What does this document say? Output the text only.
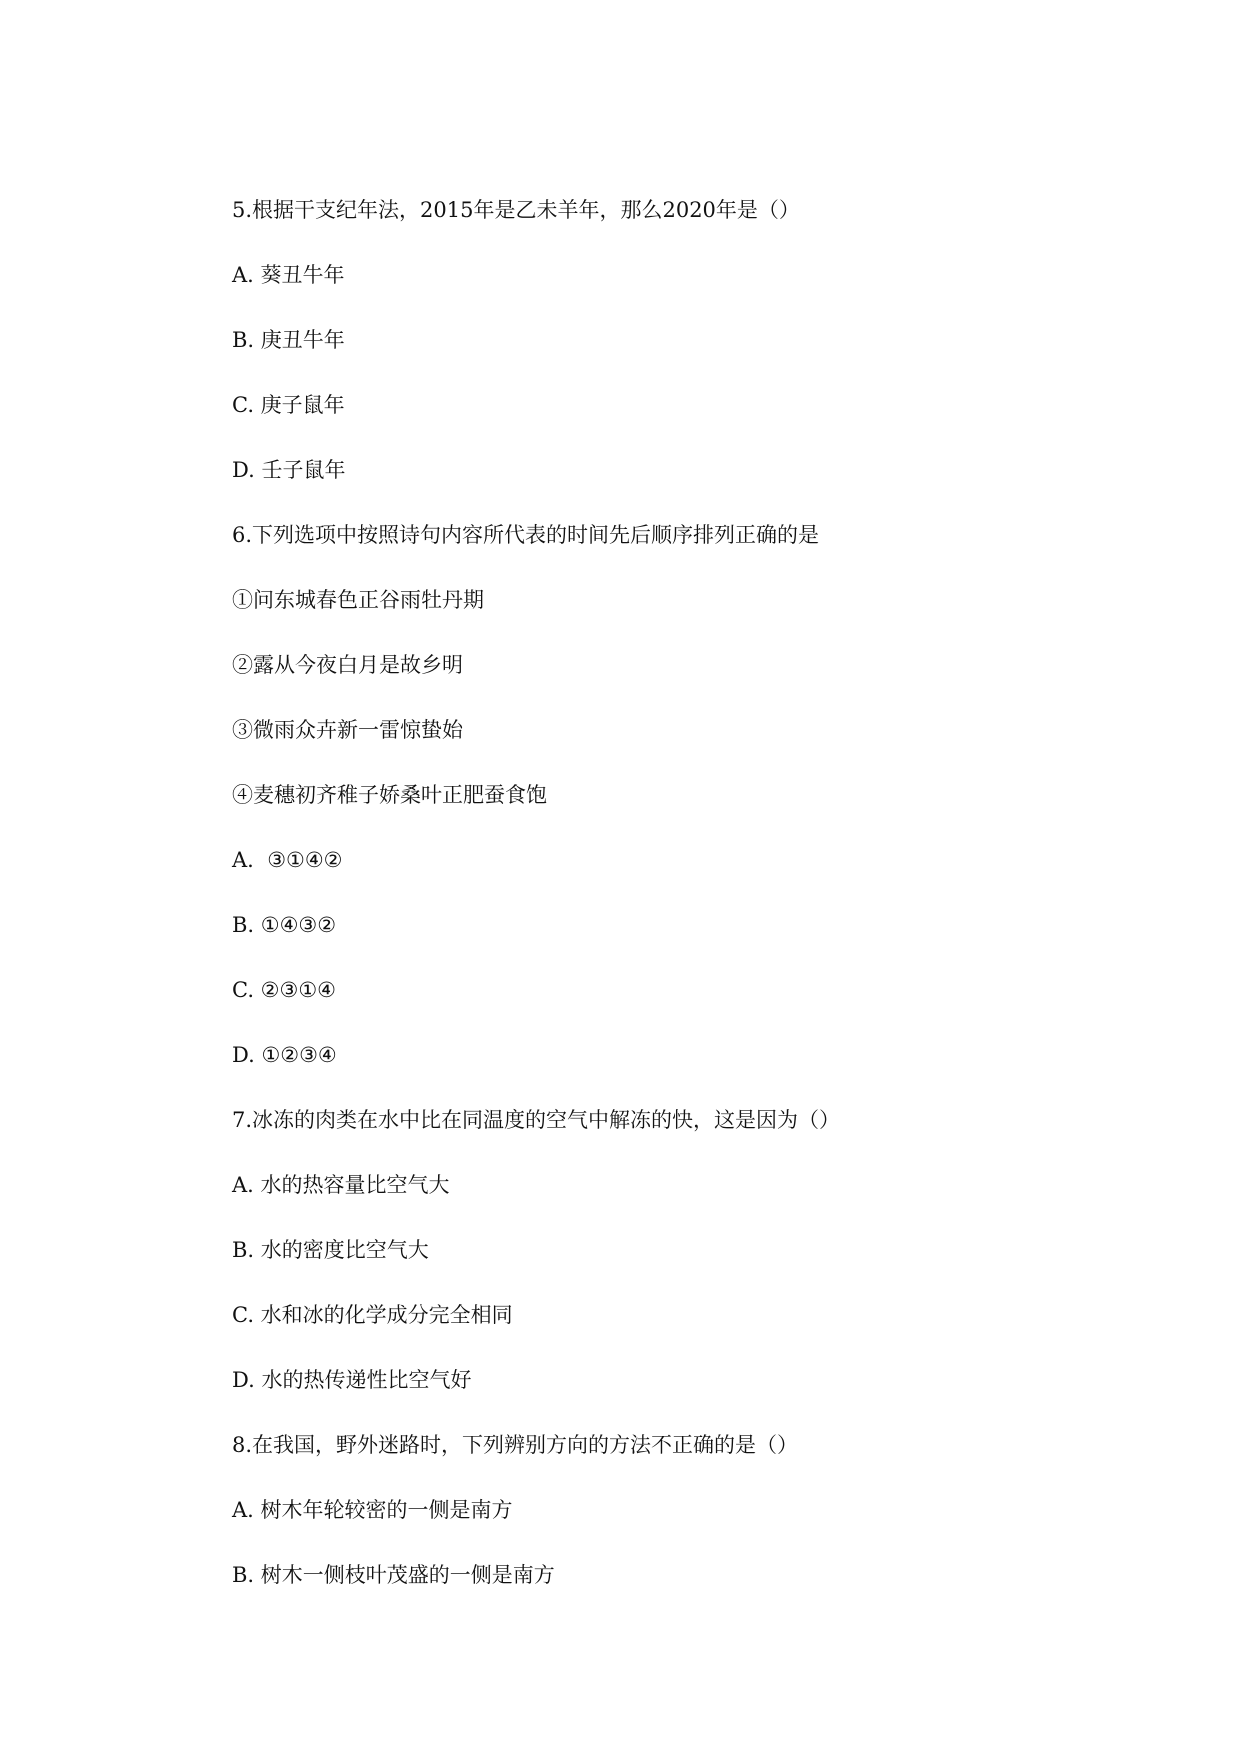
5.根据干支纪年法，2015年是乙未羊年，那么2020年是（）
A. 葵丑牛年
B. 庚丑牛年
C. 庚子鼠年
D. 壬子鼠年
6.下列选项中按照诗句内容所代表的时间先后顺序排列正确的是
①问东城春色正谷雨牡丹期
②露从今夜白月是故乡明
③微雨众卉新一雷惊蛰始
④麦穗初齐稚子娇桑叶正肥蚕食饱
A.  ③①④②
B. ①④③②
C. ②③①④
D. ①②③④
7.冰冻的肉类在水中比在同温度的空气中解冻的快，这是因为（）
A. 水的热容量比空气大
B. 水的密度比空气大
C. 水和冰的化学成分完全相同
D. 水的热传递性比空气好
8.在我国，野外迷路时，下列辨别方向的方法不正确的是（）
A. 树木年轮较密的一侧是南方
B. 树木一侧枝叶茂盛的一侧是南方
